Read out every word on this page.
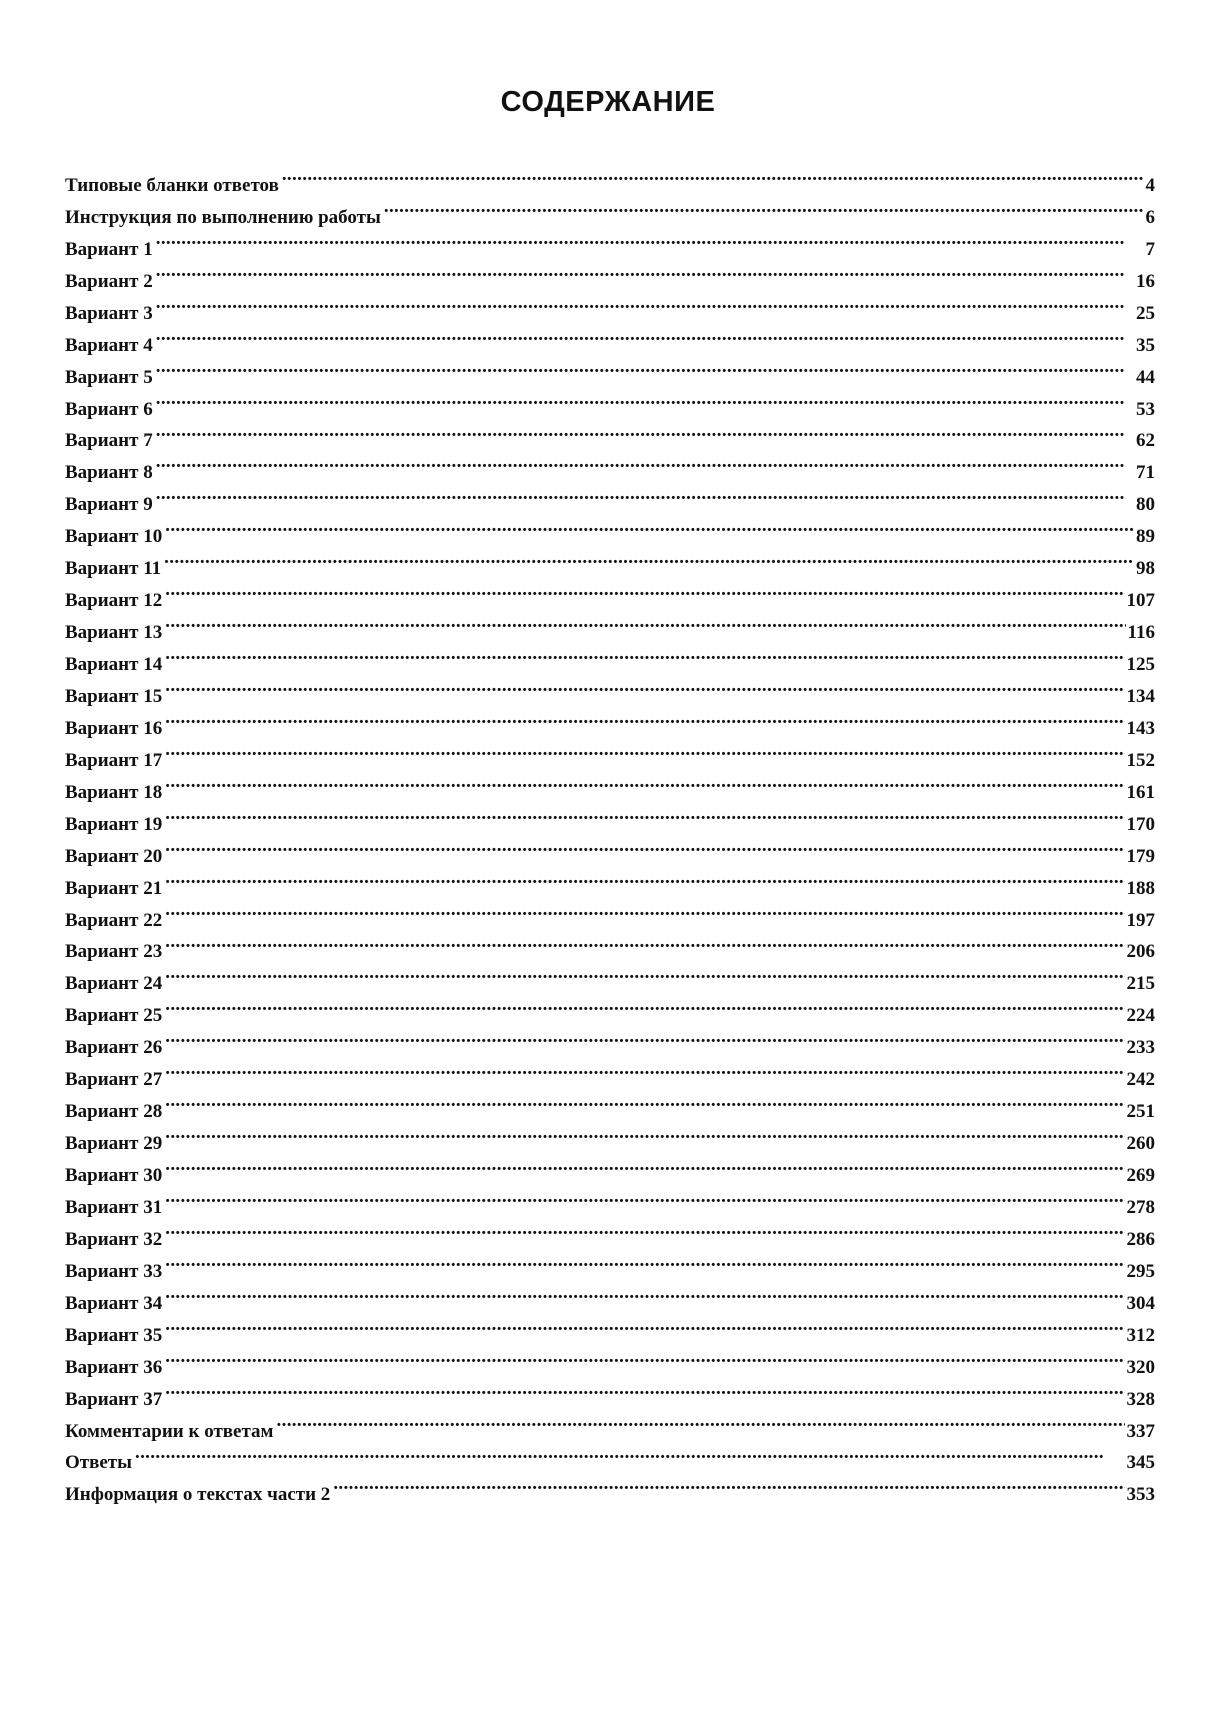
СОДЕРЖАНИЕ
Типовые бланки ответов . . .	4
Инструкция по выполнению работы . . .	6
Вариант 1 . . .	7
Вариант 2 . . .	16
Вариант 3 . . .	25
Вариант 4 . . .	35
Вариант 5 . . .	44
Вариант 6 . . .	53
Вариант 7 . . .	62
Вариант 8 . . .	71
Вариант 9 . . .	80
Вариант 10 . . .	89
Вариант 11 . . .	98
Вариант 12 . . .	107
Вариант 13 . . .	116
Вариант 14 . . .	125
Вариант 15 . . .	134
Вариант 16 . . .	143
Вариант 17 . . .	152
Вариант 18 . . .	161
Вариант 19 . . .	170
Вариант 20 . . .	179
Вариант 21 . . .	188
Вариант 22 . . .	197
Вариант 23 . . .	206
Вариант 24 . . .	215
Вариант 25 . . .	224
Вариант 26 . . .	233
Вариант 27 . . .	242
Вариант 28 . . .	251
Вариант 29 . . .	260
Вариант 30 . . .	269
Вариант 31 . . .	278
Вариант 32 . . .	286
Вариант 33 . . .	295
Вариант 34 . . .	304
Вариант 35 . . .	312
Вариант 36 . . .	320
Вариант 37 . . .	328
Комментарии к ответам . . .	337
Ответы . . .	345
Информация о текстах части 2 . . .	353
